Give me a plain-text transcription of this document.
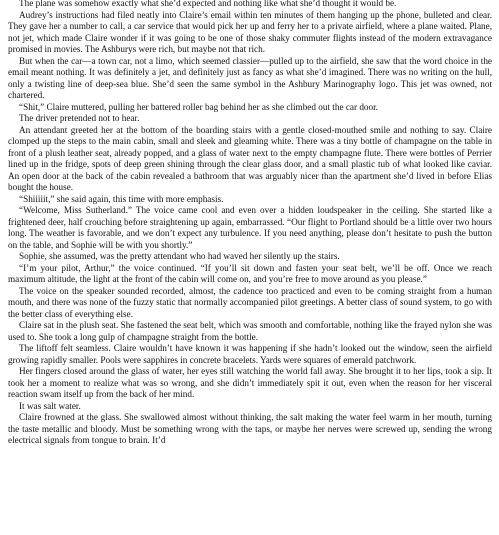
The plane was somehow exactly what she’d expected and nothing like what she’d thought it would be.

Audrey’s instructions had filed neatly into Claire’s email within ten minutes of them hanging up the phone, bulleted and clear. They gave her a number to call, a car service that would pick her up and ferry her to a private airfield, where a plane waited. Plane, not jet, which made Claire wonder if it was going to be one of those shaky commuter flights instead of the modern extravagance promised in movies. The Ashburys were rich, but maybe not that rich.

But when the car—a town car, not a limo, which seemed classier—pulled up to the airfield, she saw that the word choice in the email meant nothing. It was definitely a jet, and definitely just as fancy as what she’d imagined. There was no writing on the hull, only a twisting line of deep-sea blue. She’d seen the same symbol in the Ashbury Marinography logo. This jet was owned, not chartered.

“Shit,” Claire muttered, pulling her battered roller bag behind her as she climbed out the car door.

The driver pretended not to hear.

An attendant greeted her at the bottom of the boarding stairs with a gentle closed-mouthed smile and nothing to say. Claire clomped up the steps to the main cabin, small and sleek and gleaming white. There was a tiny bottle of champagne on the table in front of a plush leather seat, already popped, and a glass of water next to the empty champagne flute. There were bottles of Perrier lined up in the fridge, spots of deep green shining through the clear glass door, and a small plastic tub of what looked like caviar. An open door at the back of the cabin revealed a bathroom that was arguably nicer than the apartment she’d lived in before Elias bought the house.

“Shiiiiit,” she said again, this time with more emphasis.

“Welcome, Miss Sutherland.” The voice came cool and even over a hidden loudspeaker in the ceiling. She started like a frightened deer, half crouching before straightening up again, embarrassed. “Our flight to Portland should be a little over two hours long. The weather is favorable, and we don’t expect any turbulence. If you need anything, please don’t hesitate to push the button on the table, and Sophie will be with you shortly.”

Sophie, she assumed, was the pretty attendant who had waved her silently up the stairs.

“I’m your pilot, Arthur,” the voice continued. “If you’ll sit down and fasten your seat belt, we’ll be off. Once we reach maximum altitude, the light at the front of the cabin will come on, and you’re free to move around as you please.”

The voice on the speaker sounded recorded, almost, the cadence too practiced and even to be coming straight from a human mouth, and there was none of the fuzzy static that normally accompanied pilot greetings. A better class of sound system, to go with the better class of everything else.

Claire sat in the plush seat. She fastened the seat belt, which was smooth and comfortable, nothing like the frayed nylon she was used to. She took a long gulp of champagne straight from the bottle.

The liftoff felt seamless. Claire wouldn’t have known it was happening if she hadn’t looked out the window, seen the airfield growing rapidly smaller. Pools were sapphires in concrete bracelets. Yards were squares of emerald patchwork.

Her fingers closed around the glass of water, her eyes still watching the world fall away. She brought it to her lips, took a sip. It took her a moment to realize what was so wrong, and she didn’t immediately spit it out, even when the reason for her visceral reaction swam itself up from the back of her mind.

It was salt water.

Claire frowned at the glass. She swallowed almost without thinking, the salt making the water feel warm in her mouth, turning the taste metallic and bloody. Must be something wrong with the taps, or maybe her nerves were screwed up, sending the wrong electrical signals from tongue to brain. It’d
